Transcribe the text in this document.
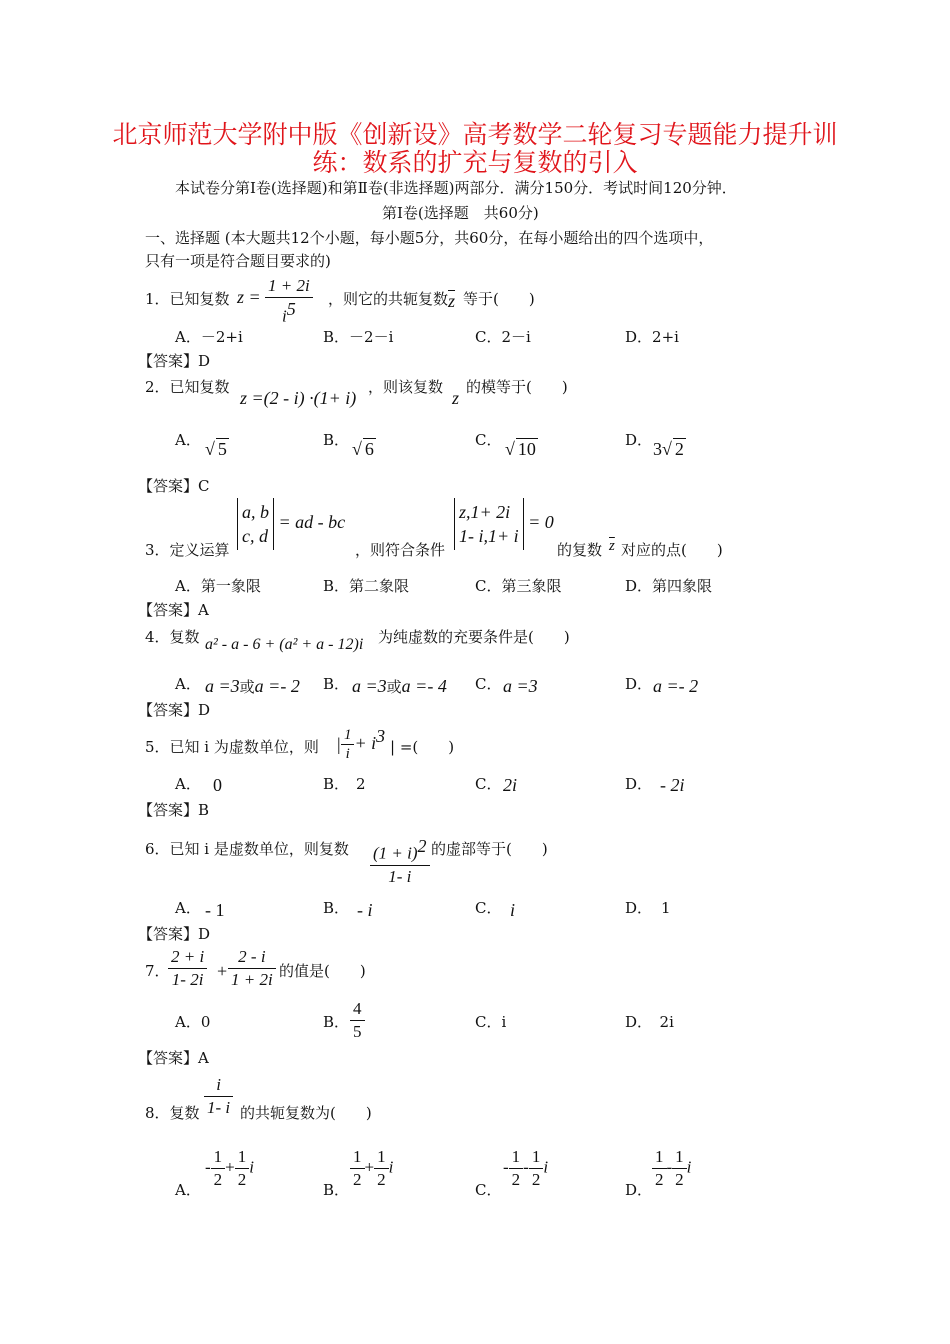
北京师范大学附中版《创新设》高考数学二轮复习专题能力提升训
练：数系的扩充与复数的引入
本试卷分第Ⅰ卷(选择题)和第Ⅱ卷(非选择题)两部分．满分150分．考试时间120分钟．
第Ⅰ卷(选择题　共60分)
一、选择题 (本大题共12个小题，每小题5分，共60分，在每小题给出的四个选项中，
只有一项是符合题目要求的)
1．已知复数 $z = \frac{1 + 2i}{i^5}$ ，则它的共轭复数 $\overline{z}$ 等于(　　)
A．－2+i	B．－2－i	C．2－i	D．2+i
【答案】D
2．已知复数
z =(2 - i) ·(1+ i)
，则该复数
z
的模等于(　　)
A． √ 5	B． √ 6	C． √ 10	D． 3√ 2
【答案】C
3．定义运算
a, b
c, d
= ad - bc
，则符合条件
z,1+ 2i
1- i,1+ i
= 0
的复数 $\overline{z}$ 对应的点(　　)
A．第一象限	B．第二象限	C．第三象限	D．第四象限
【答案】A
4．复数 a² - a - 6 + (a² + a - 12)i 为纯虚数的充要条件是(　　)
A． a =3或a =- 2 B． a =3或a =- 4 C． a =3	D． a =- 2
【答案】D
5．已知 i 为虚数单位，则 | $\frac{1}{i} + i^3$
| =(　　)
A． 0	B． 2	C． 2i	D． - 2i
【答案】B
6．已知 i 是虚数单位，则复数 $\frac{(1 + i)^2}{1- i}$ 的虚部等于(　　)
A． - 1	B． - i	C． i	D． 1
【答案】D
7．
$\frac{2 + i}{1- 2i} + \frac{2 - i}{1 + 2i}$ 的值是(　　)
A．0	B． $\frac{4}{5}$	C．i	D．　2i
【答案】A
8．复数 $\frac{i}{1- i}$ 的共轭复数为(　　)
A．
- $\frac{1}{2} + \frac{1}{2}$ i
B． $\frac{1}{2} + \frac{1}{2}$ i
C．
- $\frac{1}{2} - \frac{1}{2}$ i
D． $\frac{1}{2} - \frac{1}{2}$ i
